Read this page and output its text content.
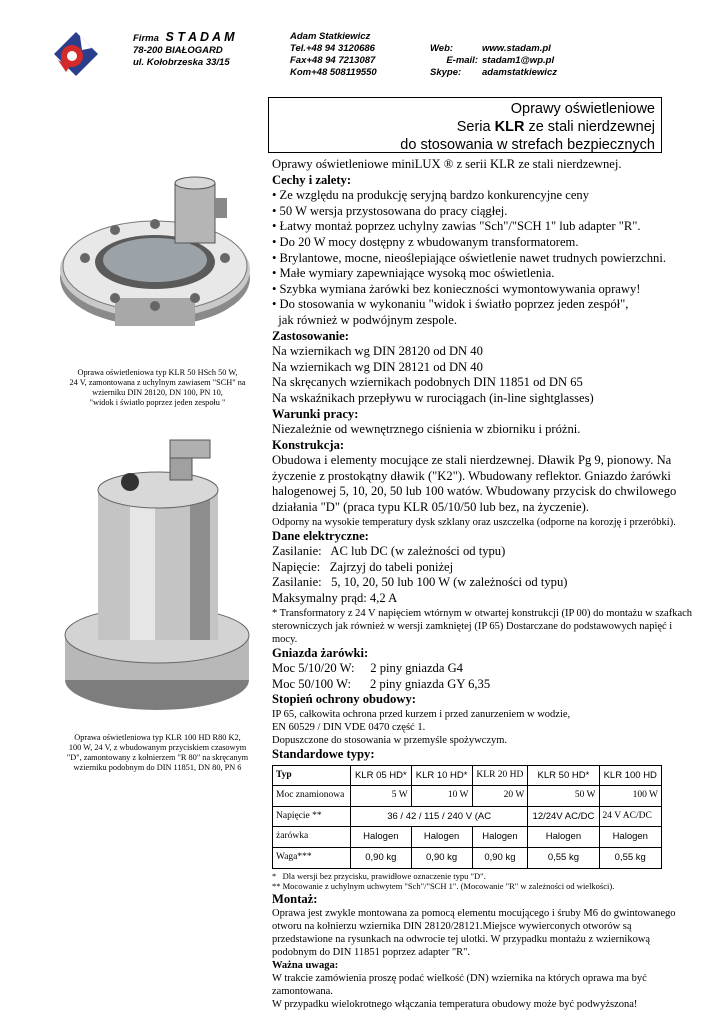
Firma S T A D A M
78-200 BIAŁOGARD
ul. Kołobrzeska 33/15
Adam Statkiewicz
Tel.+48 94 3120686
Fax+48 94 7213087
Kom+48 508119550
Web:	www.stadam.pl
E-mail: stadam1@wp.pl
Skype: adamstatkiewicz
Oprawy oświetleniowe
Seria KLR ze stali nierdzewnej
do stosowania w strefach bezpiecznych
Oprawa oświetleniowa typ KLR 50 HSch 50 W,
24 V, zamontowana z uchylnym zawiasem "SCH" na
wzierniku DIN 28120, DN 100, PN 10,
"widok i światło poprzez jeden zespołu "
Oprawa oświetleniowa typ KLR 100 HD R80 K2,
100 W, 24 V, z wbudowanym przyciskiem czasowym
"D", zamontowany z kołnierzem "R 80" na skręcanym
wzierniku podobnym do DIN 11851, DN 80, PN 6

Oprawy oświetleniowe miniLUX ® z serii KLR ze stali nierdzewnej.

Cechy i zalety:

• Ze względu na produkcję seryjną bardzo konkurencyjne ceny

• 50 W wersja przystosowana do pracy ciągłej.

• Łatwy montaż poprzez uchylny zawias "Sch"/"SCH 1" lub adapter "R".

• Do 20 W mocy dostępny z wbudowanym transformatorem.

• Brylantowe, mocne, nieoślepiające oświetlenie nawet trudnych powierzchni.

• Małe wymiary zapewniające wysoką moc oświetlenia.

• Szybka wymiana żarówki bez konieczności wymontowywania oprawy!

• Do stosowania w wykonaniu "widok i światło poprzez jeden zespół",

jak również w podwójnym zespole.

Zastosowanie:

Na wziernikach wg DIN 28120 od DN 40

Na wziernikach wg DIN 28121 od DN 40

Na skręcanych wziernikach podobnych DIN 11851 od DN 65

Na wskaźnikach przepływu w rurociągach (in-line sightglasses)

Warunki pracy:

Niezależnie od wewnętrznego ciśnienia w zbiorniku i próżni.

Konstrukcja:

Obudowa i elementy mocujące ze stali nierdzewnej. Dławik Pg 9, pionowy. Na życzenie z prostokątny dławik ("K2"). Wbudowany reflektor. Gniazdo żarówki halogenowej 5, 10, 20, 50 lub 100 watów. Wbudowany przycisk do chwilowego działania "D" (praca typu KLR 05/10/50 lub bez, na życzenie).

Odporny na wysokie temperatury dysk szklany oraz uszczelka (odporne na korozję i przeróbki).

Dane elektryczne:

Zasilanie:   AC lub DC (w zależności od typu)

Napięcie:   Zajrzyj do tabeli poniżej

Zasilanie:   5, 10, 20, 50 lub 100 W (w zależności od typu)

Maksymalny prąd: 4,2 A

* Transformatory z 24 V napięciem wtórnym w otwartej konstrukcji (IP 00) do montażu w szafkach sterowniczych jak również w wersji zamkniętej (IP 65) Dostarczane do podstawowych napięć i mocy.

Gniazda żarówki:

Moc 5/10/20 W:     2 piny gniazda G4

Moc 50/100 W:      2 piny gniazda GY 6,35

Stopień ochrony obudowy:

IP 65, całkowita ochrona przed kurzem i przed zanurzeniem w wodzie,

EN 60529 / DIN VDE 0470 część 1.

Dopuszczone do stosowania w przemyśle spożywczym.

Standardowe typy:

Typ	KLR 05 HD*	KLR 10 HD*	KLR 20 HD	KLR 50 HD*	KLR 100 HD
Moc znamionowa	5 W	10 W	20 W	50 W	100 W
Napięcie **	36 / 42 / 115 / 240 V (AC			12/24V AC/DC	24 V AC/DC
żarówka	Halogen	Halogen	Halogen	Halogen	Halogen
Waga***	0,90 kg	0,90 kg	0,90 kg	0,55 kg	0,55 kg

*   Dla wersji bez przycisku, prawidłowe oznaczenie typu "D".

** Mocowanie z uchylnym uchwytem "Sch"/"SCH 1". (Mocowanie "R" w zależności od wielkości).

Montaż:

Oprawa jest zwykle montowana za pomocą elementu mocującego i śruby M6 do gwintowanego otworu na kołnierzu wziernika DIN 28120/28121.Miejsce wywierconych otworów są przedstawione na rysunkach na odwrocie tej ulotki. W przypadku montażu z wziernikową podobnym do DIN 11851 poprzez adapter "R".

Ważna uwaga:

W trakcie zamówienia proszę podać wielkość (DN) wziernika na których oprawa ma być zamontowana.

W przypadku wielokrotnego włączania temperatura obudowy może być podwyższona!
